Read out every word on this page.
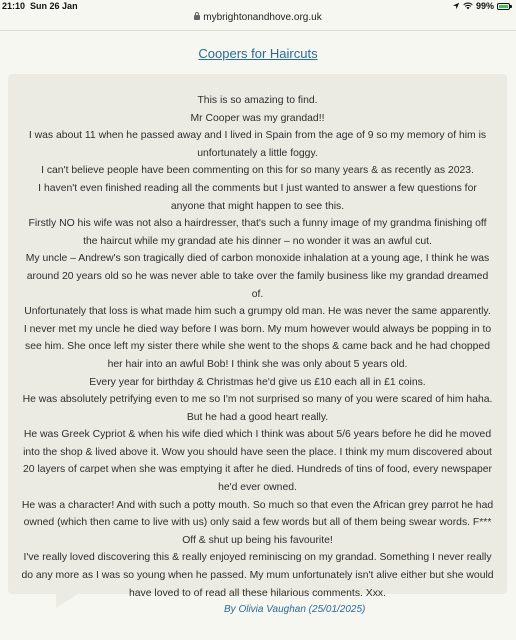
21:10 Sun 26 Jan	99%
mybrightonandhove.org.uk
Coopers for Haircuts

This is so amazing to find.

Mr Cooper was my grandad!!

I was about 11 when he passed away and I lived in Spain from the age of 9 so my memory of him is unfortunately a little foggy.

I can't believe people have been commenting on this for so many years & as recently as 2023.

I haven't even finished reading all the comments but I just wanted to answer a few questions for anyone that might happen to see this.

Firstly NO his wife was not also a hairdresser, that's such a funny image of my grandma finishing off the haircut while my grandad ate his dinner – no wonder it was an awful cut.

My uncle – Andrew's son tragically died of carbon monoxide inhalation at a young age, I think he was around 20 years old so he was never able to take over the family business like my grandad dreamed of.

Unfortunately that loss is what made him such a grumpy old man. He was never the same apparently.

I never met my uncle he died way before I was born. My mum however would always be popping in to see him. She once left my sister there while she went to the shops & came back and he had chopped her hair into an awful Bob! I think she was only about 5 years old.

Every year for birthday & Christmas he'd give us £10 each all in £1 coins.

He was absolutely petrifying even to me so I'm not surprised so many of you were scared of him haha. But he had a good heart really.

He was Greek Cypriot & when his wife died which I think was about 5/6 years before he did he moved into the shop & lived above it. Wow you should have seen the place. I think my mum discovered about 20 layers of carpet when she was emptying it after he died. Hundreds of tins of food, every newspaper he'd ever owned.

He was a character! And with such a potty mouth. So much so that even the African grey parrot he had owned (which then came to live with us) only said a few words but all of them being swear words. F*** Off & shut up being his favourite!

I've really loved discovering this & really enjoyed reminiscing on my grandad. Something I never really do any more as I was so young when he passed. My mum unfortunately isn't alive either but she would have loved to of read all these hilarious comments. Xxx.

By Olivia Vaughan (25/01/2025)
